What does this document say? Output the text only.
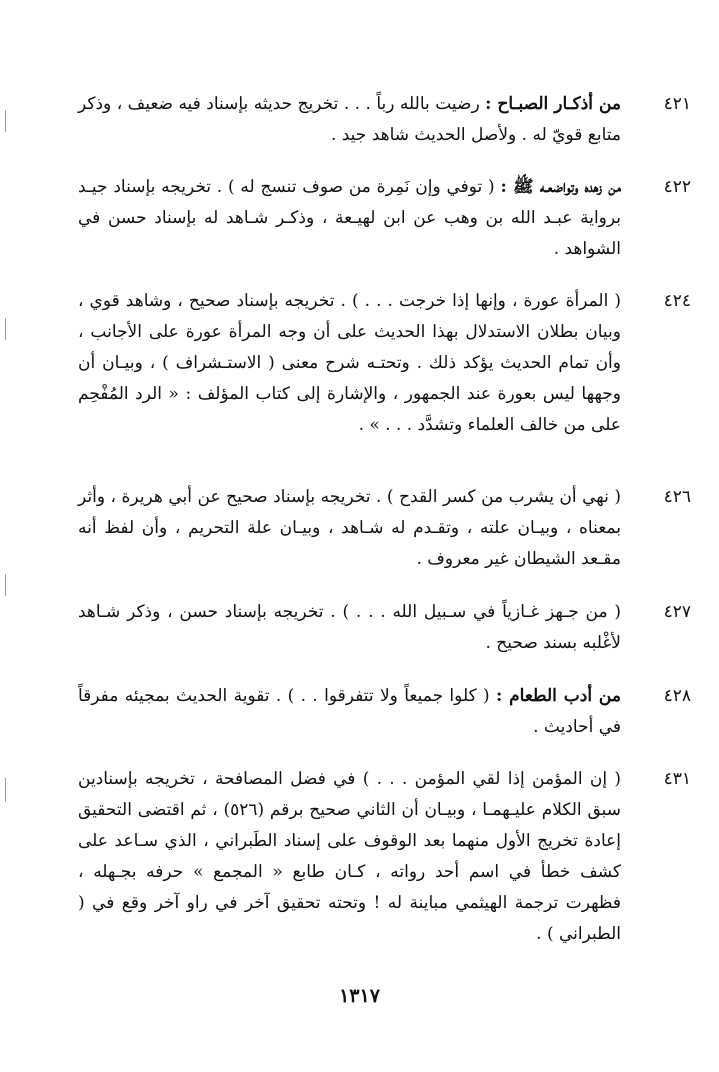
٤٢١
من أذكـار الصبـاح : رضيت بالله رباً . . . تخريج حديثه بإسناد فيه ضعيف ، وذكر متابع قويّ له . ولأصل الحديث شاهد جيد .
٤٢٢
من زهده وتواضعـه ﷺ : ( توفي وإن نَمِرة من صوف تنسج له ) . تخريجه بإسناد جيـد برواية عبـد الله بن وهب عن ابن لهيـعة ، وذكـر شـاهد له بإسناد حسن في الشواهد .
٤٢٤
( المرأة عورة ، وإنها إذا خرجت . . . ) . تخريجه بإسناد صحيح ، وشاهد قوي ، وبيان بطلان الاستدلال بهذا الحديث على أن وجه المرأة عورة على الأجانب ، وأن تمام الحديث يؤكد ذلك . وتحتـه شرح معنى ( الاستـشراف ) ، وبيـان أن وجهها ليس بعورة عند الجمهور ، والإشارة إلى كتاب المؤلف : « الرد المُفْحِم على من خالف العلماء وتشدَّد . . . » .
٤٢٦
( نهي أن يشرب من كسر القدح ) . تخريجه بإسناد صحيح عن أبي هريرة ، وأثر بمعناه ، وبيـان علته ، وتقـدم له شـاهد ، وبيـان علة التحريم ، وأن لفظ أنه مقـعد الشيطان غير معروف .
٤٢٧
( من جـهز غـازياً في سـبيل الله . . . ) . تخريجه بإسناد حسن ، وذكر شـاهد لأغْلبه بسند صحيح .
٤٢٨
من أدب الطعام : ( كلوا جميعاً ولا تتفرقوا . . ) . تقوية الحديث بمجيئه مفرقاً في أحاديث .
٤٣١
( إن المؤمن إذا لقي المؤمن . . . ) في فضل المصافحة ، تخريجه بإسنادين سبق الكلام عليـهمـا ، وبيـان أن الثاني صحيح برقم (٥٢٦) ، ثم اقتضى التحقيق إعادة تخريج الأول منهما بعد الوقوف على إسناد الطَبراني ، الذي سـاعد على كشف خطأ في اسم أحد رواته ، كـان طابع « المجمع » حرفه بجـهله ، فظهرت ترجمة الهيثمي مباينة له ! وتحته تحقيق آخر في راو آخر وقع في ( الطبراني ) .
١٣١٧
